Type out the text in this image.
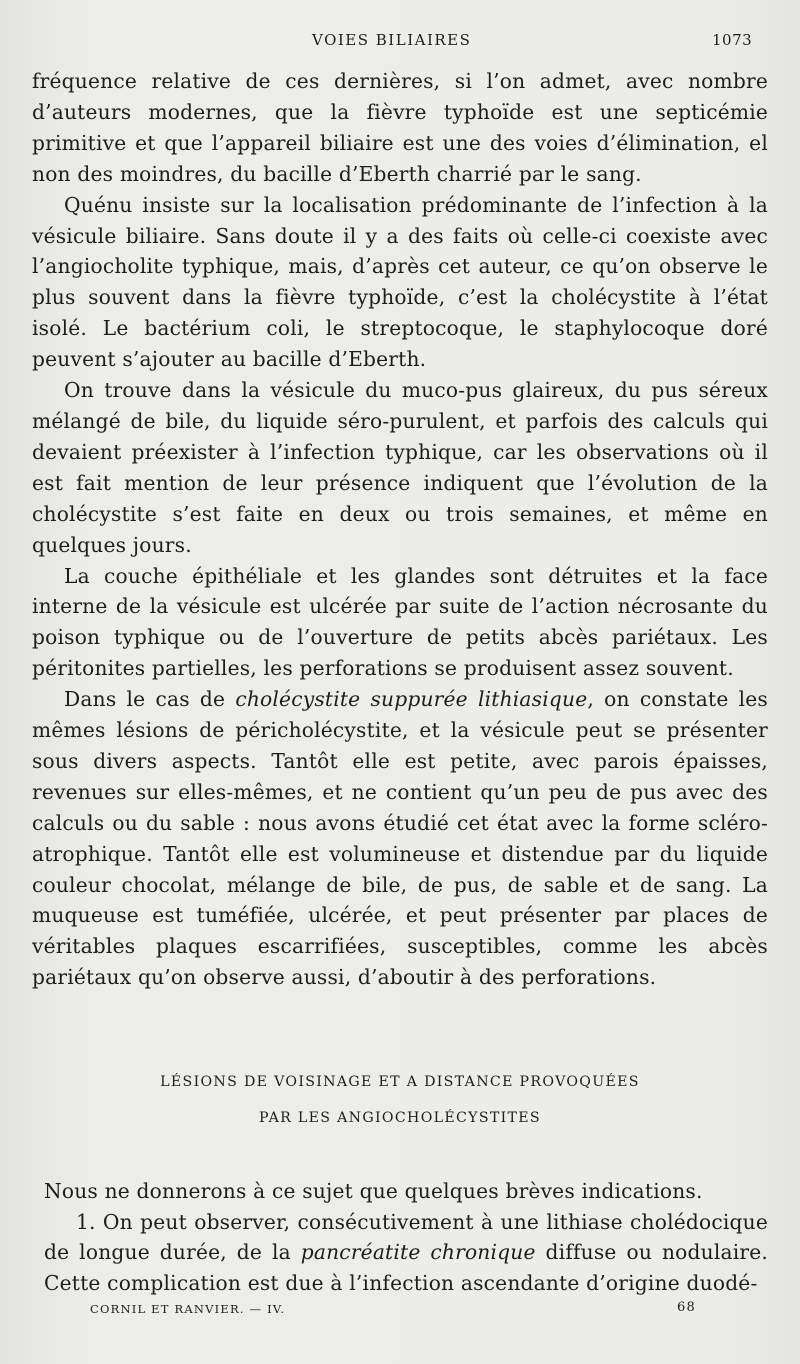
VOIES BILIAIRES	1073

fréquence relative de ces dernières, si l’on admet, avec nombre d’auteurs modernes, que la fièvre typhoïde est une septicémie primitive et que l’appareil biliaire est une des voies d’élimination, el non des moindres, du bacille d’Eberth charrié par le sang.

Quénu insiste sur la localisation prédominante de l’infection à la vésicule biliaire. Sans doute il y a des faits où celle-ci coexiste avec l’angiocholite typhique, mais, d’après cet auteur, ce qu’on observe le plus souvent dans la fièvre typhoïde, c’est la cholécystite à l’état isolé. Le bactérium coli, le streptocoque, le staphylocoque doré peuvent s’ajouter au bacille d’Eberth.

On trouve dans la vésicule du muco-pus glaireux, du pus séreux mélangé de bile, du liquide séro-purulent, et parfois des calculs qui devaient préexister à l’infection typhique, car les observations où il est fait mention de leur présence indiquent que l’évolution de la cholécystite s’est faite en deux ou trois semaines, et même en quelques jours.

La couche épithéliale et les glandes sont détruites et la face interne de la vésicule est ulcérée par suite de l’action nécrosante du poison typhique ou de l’ouverture de petits abcès pariétaux. Les péritonites partielles, les perforations se produisent assez souvent.

Dans le cas de cholécystite suppurée lithiasique, on constate les mêmes lésions de péricholécystite, et la vésicule peut se présenter sous divers aspects. Tantôt elle est petite, avec parois épaisses, revenues sur elles-mêmes, et ne contient qu’un peu de pus avec des calculs ou du sable : nous avons étudié cet état avec la forme scléro-atrophique. Tantôt elle est volumineuse et distendue par du liquide couleur chocolat, mélange de bile, de pus, de sable et de sang. La muqueuse est tuméfiée, ulcérée, et peut présenter par places de véritables plaques escarrifiées, susceptibles, comme les abcès pariétaux qu’on observe aussi, d’aboutir à des perforations.

LÉSIONS DE VOISINAGE ET A DISTANCE PROVOQUÉES
PAR LES ANGIOCHOLÉCYSTITES

Nous ne donnerons à ce sujet que quelques brèves indications.

1. On peut observer, consécutivement à une lithiase cholédocique de longue durée, de la pancréatite chronique diffuse ou nodulaire. Cette complication est due à l’infection ascendante d’origine duodé-

CORNIL ET RANVIER. — IV.	68
